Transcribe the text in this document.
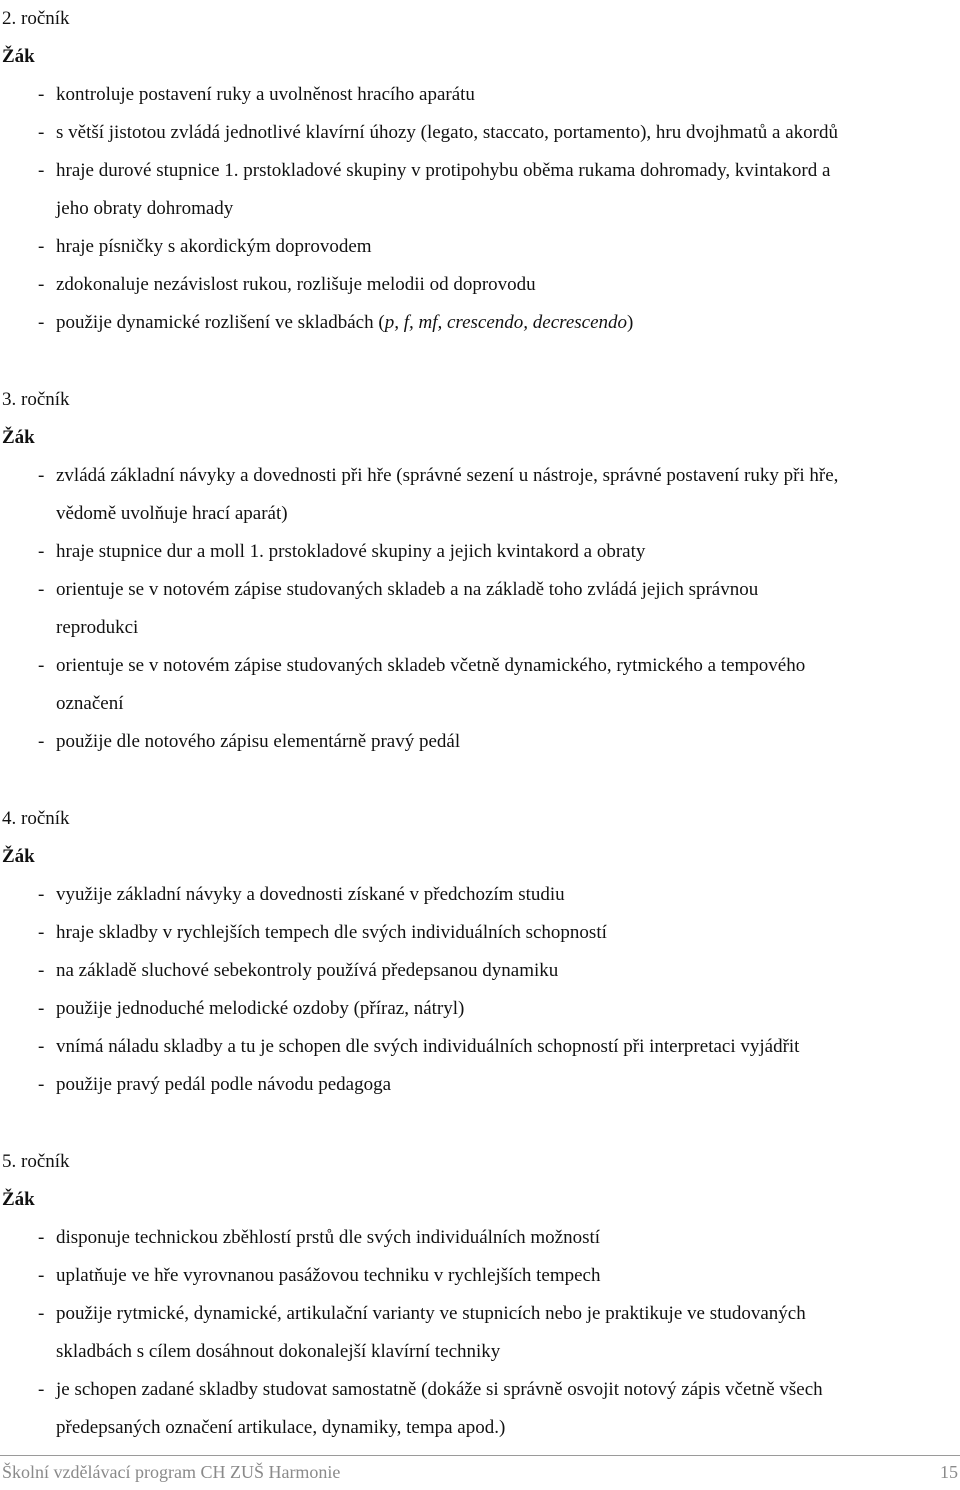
2. ročník
Žák
- kontroluje postavení ruky a uvolněnost hracího aparátu
- s větší jistotou zvládá jednotlivé klavírní úhozy (legato, staccato, portamento), hru dvojhmatů a akordů
- hraje durové stupnice 1. prstokladové skupiny v protipohybu oběma rukama dohromady, kvintakord a
jeho obraty dohromady
- hraje písničky s akordickým doprovodem
- zdokonaluje nezávislost rukou, rozlišuje melodii od doprovodu
- použije dynamické rozlišení ve skladbách (p, f, mf, crescendo, decrescendo)
3. ročník
Žák
- zvládá základní návyky a dovednosti při hře (správné sezení u nástroje, správné postavení ruky při hře,
vědomě uvolňuje hrací aparát)
- hraje stupnice dur a moll 1. prstokladové skupiny a jejich kvintakord a obraty
- orientuje se v notovém zápise studovaných skladeb a na základě toho zvládá jejich správnou
reprodukci
- orientuje se v notovém zápise studovaných skladeb včetně dynamického, rytmického a tempového
označení
- použije dle notového zápisu elementárně pravý pedál
4. ročník
Žák
- využije základní návyky a dovednosti získané v předchozím studiu
- hraje skladby v rychlejších tempech dle svých individuálních schopností
- na základě sluchové sebekontroly používá předepsanou dynamiku
- použije jednoduché melodické ozdoby (příraz, nátryl)
- vnímá náladu skladby a tu je schopen dle svých individuálních schopností při interpretaci vyjádřit
- použije pravý pedál podle návodu pedagoga
5. ročník
Žák
- disponuje technickou zběhlostí prstů dle svých individuálních možností
- uplatňuje ve hře vyrovnanou pasážovou techniku v rychlejších tempech
- použije rytmické, dynamické, artikulační varianty ve stupnicích nebo je praktikuje ve studovaných
skladbách s cílem dosáhnout dokonalejší klavírní techniky
- je schopen zadané skladby studovat samostatně (dokáže si správně osvojit notový zápis včetně všech
předepsaných označení artikulace, dynamiky, tempa apod.)
Školní vzdělávací program CH ZUŠ Harmonie	15
